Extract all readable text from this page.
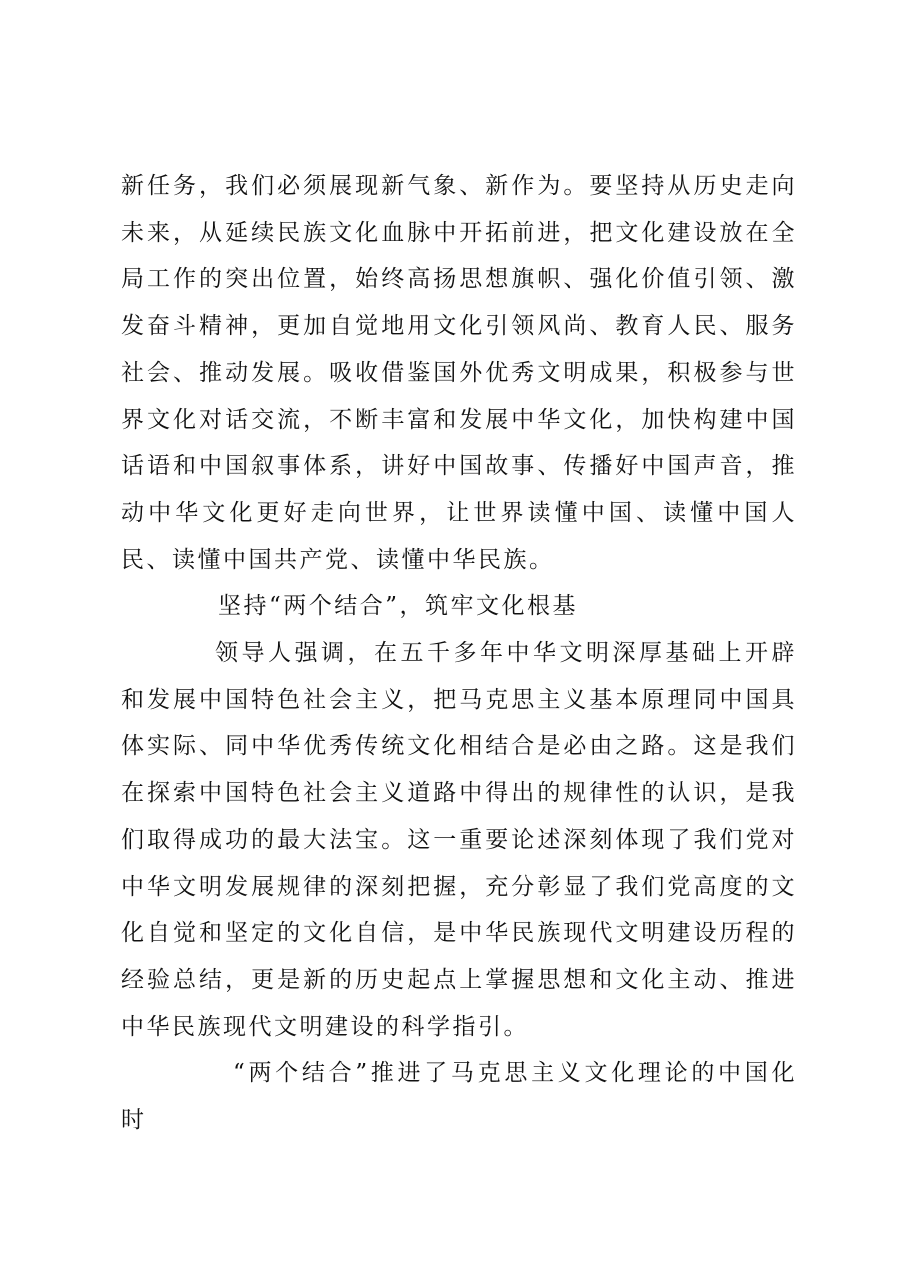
新任务，我们必须展现新气象、新作为。要坚持从历史走向未来，从延续民族文化血脉中开拓前进，把文化建设放在全局工作的突出位置，始终高扬思想旗帜、强化价值引领、激发奋斗精神，更加自觉地用文化引领风尚、教育人民、服务社会、推动发展。吸收借鉴国外优秀文明成果，积极参与世界文化对话交流，不断丰富和发展中华文化，加快构建中国话语和中国叙事体系，讲好中国故事、传播好中国声音，推动中华文化更好走向世界，让世界读懂中国、读懂中国人民、读懂中国共产党、读懂中华民族。

坚持“两个结合”，筑牢文化根基

领导人强调，在五千多年中华文明深厚基础上开辟和发展中国特色社会主义，把马克思主义基本原理同中国具体实际、同中华优秀传统文化相结合是必由之路。这是我们在探索中国特色社会主义道路中得出的规律性的认识，是我们取得成功的最大法宝。这一重要论述深刻体现了我们党对中华文明发展规律的深刻把握，充分彰显了我们党高度的文化自觉和坚定的文化自信，是中华民族现代文明建设历程的经验总结，更是新的历史起点上掌握思想和文化主动、推进中华民族现代文明建设的科学指引。

“两个结合”推进了马克思主义文化理论的中国化时
